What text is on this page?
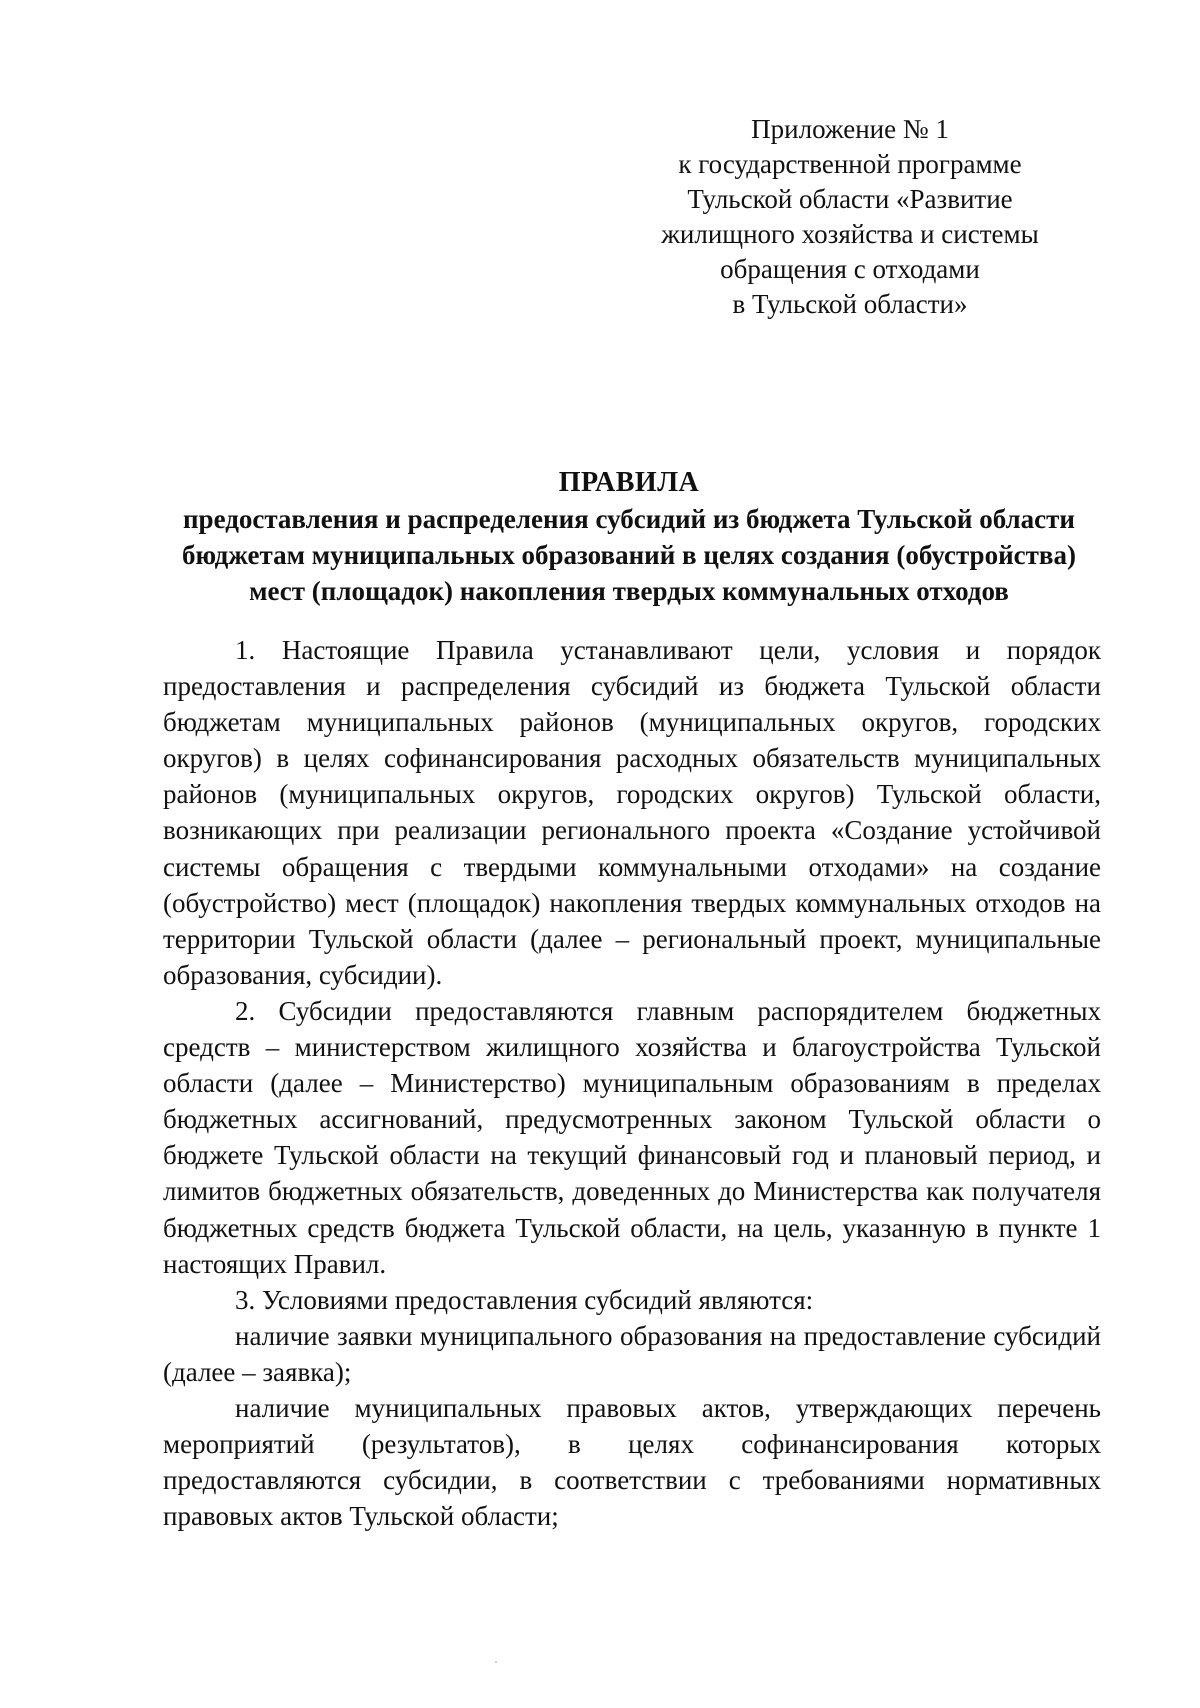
Приложение № 1
к государственной программе
Тульской области «Развитие
жилищного хозяйства и системы
обращения с отходами
в Тульской области»
ПРАВИЛА
предоставления и распределения субсидий из бюджета Тульской области
бюджетам муниципальных образований в целях создания (обустройства)
мест (площадок) накопления твердых коммунальных отходов

1. Настоящие Правила устанавливают цели, условия и порядок предоставления и распределения субсидий из бюджета Тульской области бюджетам муниципальных районов (муниципальных округов, городских округов) в целях софинансирования расходных обязательств муниципальных районов (муниципальных округов, городских округов) Тульской области, возникающих при реализации регионального проекта «Создание устойчивой системы обращения с твердыми коммунальными отходами» на создание (обустройство) мест (площадок) накопления твердых коммунальных отходов на территории Тульской области (далее – региональный проект, муниципальные образования, субсидии).

2. Субсидии предоставляются главным распорядителем бюджетных средств – министерством жилищного хозяйства и благоустройства Тульской области (далее – Министерство) муниципальным образованиям в пределах бюджетных ассигнований, предусмотренных законом Тульской области о бюджете Тульской области на текущий финансовый год и плановый период, и лимитов бюджетных обязательств, доведенных до Министерства как получателя бюджетных средств бюджета Тульской области, на цель, указанную в пункте 1 настоящих Правил.

3. Условиями предоставления субсидий являются:

наличие заявки муниципального образования на предоставление субсидий (далее – заявка);

наличие муниципальных правовых актов, утверждающих перечень мероприятий (результатов), в целях софинансирования которых предоставляются субсидии, в соответствии с требованиями нормативных правовых актов Тульской области;
